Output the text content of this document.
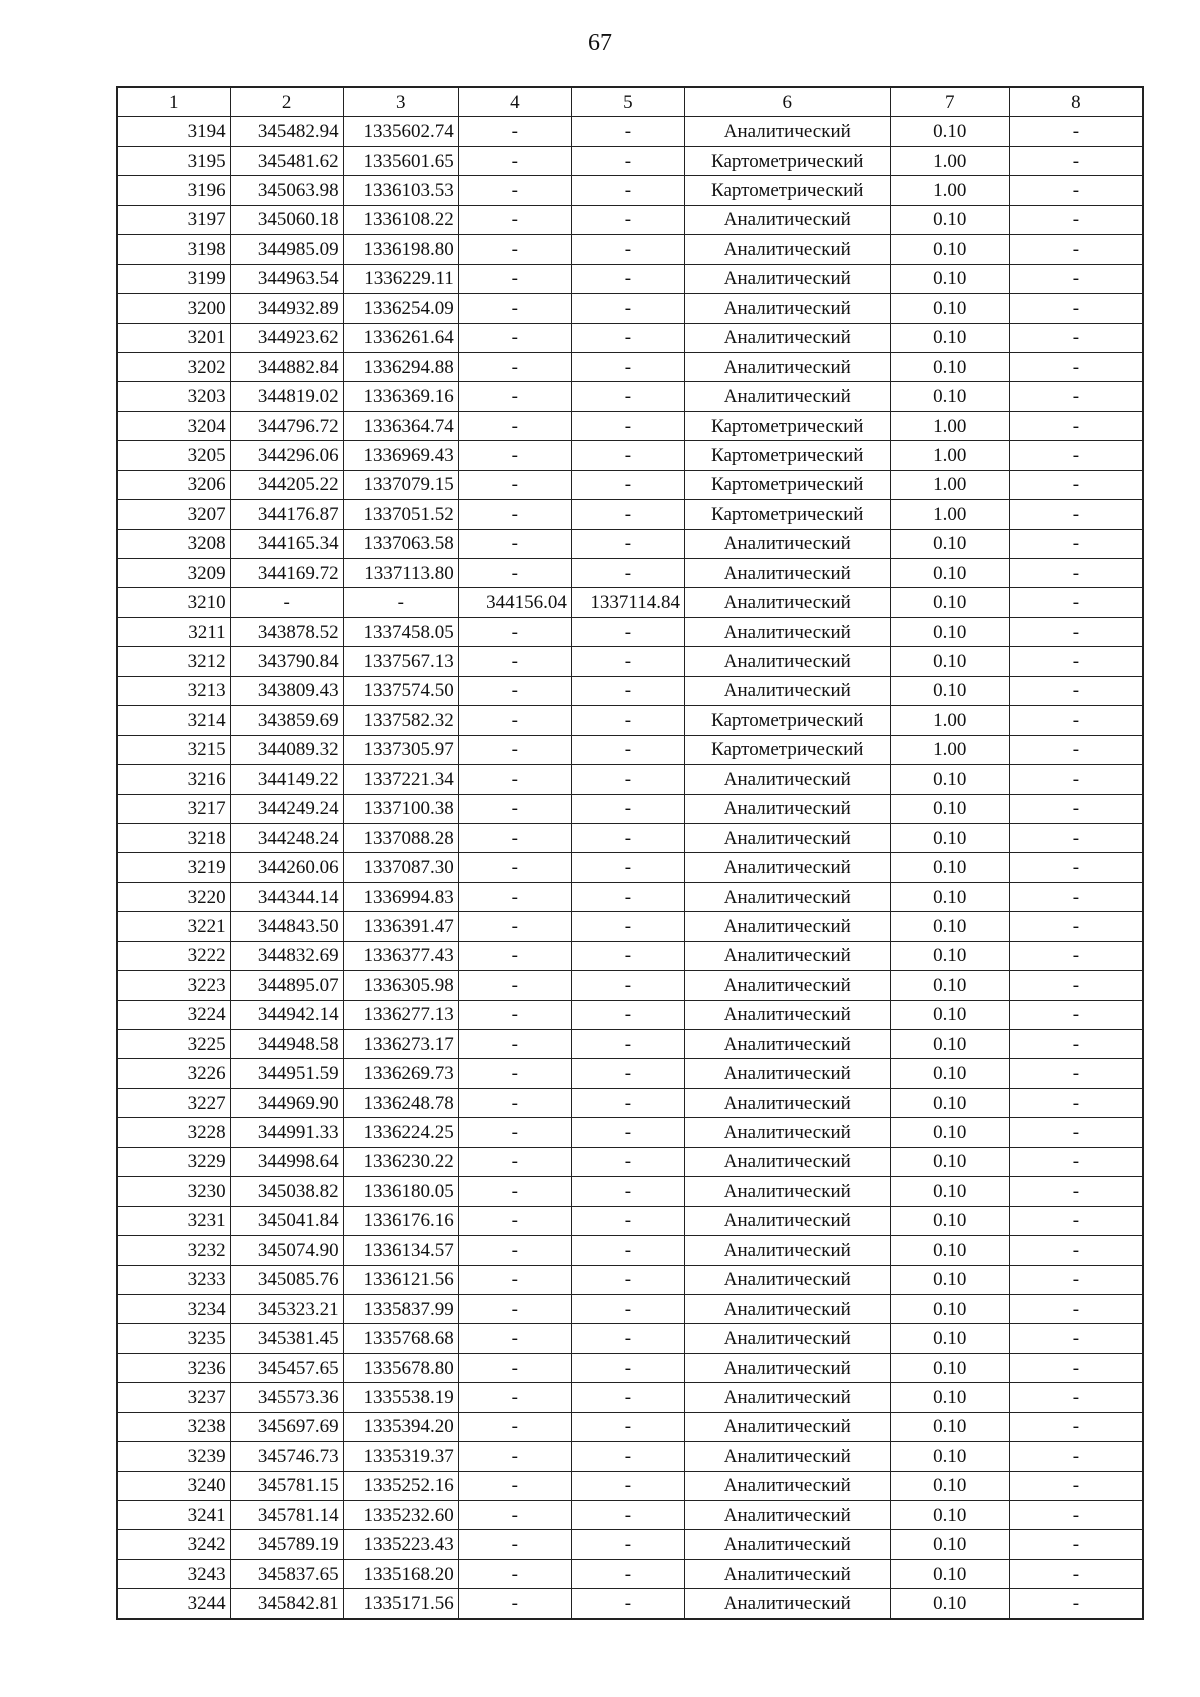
67
1	2	3	4	5	6	7	8
3194	345482.94	1335602.74	-	-	Аналитический	0.10	-
3195	345481.62	1335601.65	-	-	Картометрический	1.00	-
3196	345063.98	1336103.53	-	-	Картометрический	1.00	-
3197	345060.18	1336108.22	-	-	Аналитический	0.10	-
3198	344985.09	1336198.80	-	-	Аналитический	0.10	-
3199	344963.54	1336229.11	-	-	Аналитический	0.10	-
3200	344932.89	1336254.09	-	-	Аналитический	0.10	-
3201	344923.62	1336261.64	-	-	Аналитический	0.10	-
3202	344882.84	1336294.88	-	-	Аналитический	0.10	-
3203	344819.02	1336369.16	-	-	Аналитический	0.10	-
3204	344796.72	1336364.74	-	-	Картометрический	1.00	-
3205	344296.06	1336969.43	-	-	Картометрический	1.00	-
3206	344205.22	1337079.15	-	-	Картометрический	1.00	-
3207	344176.87	1337051.52	-	-	Картометрический	1.00	-
3208	344165.34	1337063.58	-	-	Аналитический	0.10	-
3209	344169.72	1337113.80	-	-	Аналитический	0.10	-
3210	-	-	344156.04	1337114.84	Аналитический	0.10	-
3211	343878.52	1337458.05	-	-	Аналитический	0.10	-
3212	343790.84	1337567.13	-	-	Аналитический	0.10	-
3213	343809.43	1337574.50	-	-	Аналитический	0.10	-
3214	343859.69	1337582.32	-	-	Картометрический	1.00	-
3215	344089.32	1337305.97	-	-	Картометрический	1.00	-
3216	344149.22	1337221.34	-	-	Аналитический	0.10	-
3217	344249.24	1337100.38	-	-	Аналитический	0.10	-
3218	344248.24	1337088.28	-	-	Аналитический	0.10	-
3219	344260.06	1337087.30	-	-	Аналитический	0.10	-
3220	344344.14	1336994.83	-	-	Аналитический	0.10	-
3221	344843.50	1336391.47	-	-	Аналитический	0.10	-
3222	344832.69	1336377.43	-	-	Аналитический	0.10	-
3223	344895.07	1336305.98	-	-	Аналитический	0.10	-
3224	344942.14	1336277.13	-	-	Аналитический	0.10	-
3225	344948.58	1336273.17	-	-	Аналитический	0.10	-
3226	344951.59	1336269.73	-	-	Аналитический	0.10	-
3227	344969.90	1336248.78	-	-	Аналитический	0.10	-
3228	344991.33	1336224.25	-	-	Аналитический	0.10	-
3229	344998.64	1336230.22	-	-	Аналитический	0.10	-
3230	345038.82	1336180.05	-	-	Аналитический	0.10	-
3231	345041.84	1336176.16	-	-	Аналитический	0.10	-
3232	345074.90	1336134.57	-	-	Аналитический	0.10	-
3233	345085.76	1336121.56	-	-	Аналитический	0.10	-
3234	345323.21	1335837.99	-	-	Аналитический	0.10	-
3235	345381.45	1335768.68	-	-	Аналитический	0.10	-
3236	345457.65	1335678.80	-	-	Аналитический	0.10	-
3237	345573.36	1335538.19	-	-	Аналитический	0.10	-
3238	345697.69	1335394.20	-	-	Аналитический	0.10	-
3239	345746.73	1335319.37	-	-	Аналитический	0.10	-
3240	345781.15	1335252.16	-	-	Аналитический	0.10	-
3241	345781.14	1335232.60	-	-	Аналитический	0.10	-
3242	345789.19	1335223.43	-	-	Аналитический	0.10	-
3243	345837.65	1335168.20	-	-	Аналитический	0.10	-
3244	345842.81	1335171.56	-	-	Аналитический	0.10	-
